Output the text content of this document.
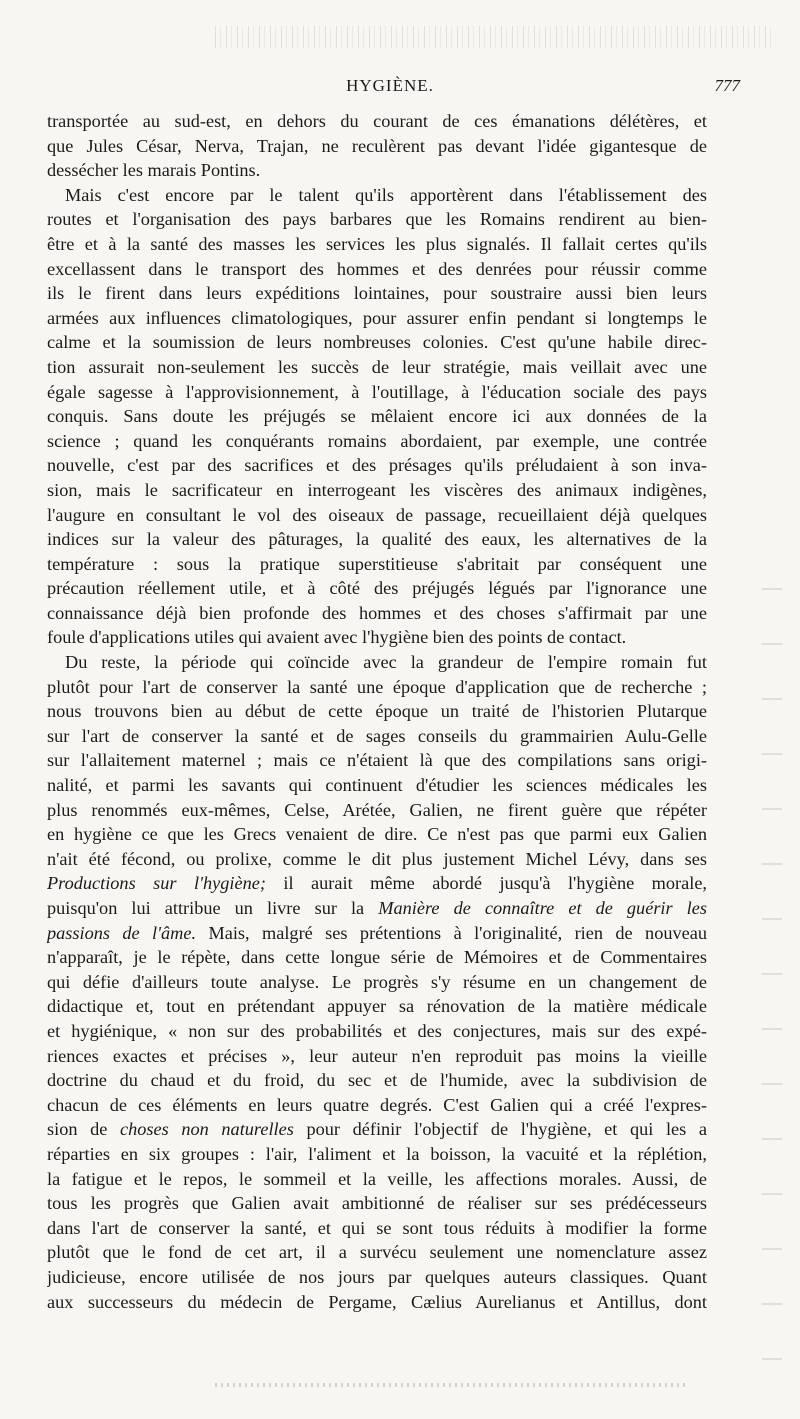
HYGIÈNE.	777
transportée au sud-est, en dehors du courant de ces émanations délétères, et
que Jules César, Nerva, Trajan, ne reculèrent pas devant l'idée gigantesque de
dessécher les marais Pontins.
Mais c'est encore par le talent qu'ils apportèrent dans l'établissement des
routes et l'organisation des pays barbares que les Romains rendirent au bien-
être et à la santé des masses les services les plus signalés. Il fallait certes qu'ils
excellassent dans le transport des hommes et des denrées pour réussir comme
ils le firent dans leurs expéditions lointaines, pour soustraire aussi bien leurs
armées aux influences climatologiques, pour assurer enfin pendant si longtemps le
calme et la soumission de leurs nombreuses colonies. C'est qu'une habile direc-
tion assurait non-seulement les succès de leur stratégie, mais veillait avec une
égale sagesse à l'approvisionnement, à l'outillage, à l'éducation sociale des pays
conquis. Sans doute les préjugés se mêlaient encore ici aux données de la
science ; quand les conquérants romains abordaient, par exemple, une contrée
nouvelle, c'est par des sacrifices et des présages qu'ils préludaient à son inva-
sion, mais le sacrificateur en interrogeant les viscères des animaux indigènes,
l'augure en consultant le vol des oiseaux de passage, recueillaient déjà quelques
indices sur la valeur des pâturages, la qualité des eaux, les alternatives de la
température : sous la pratique superstitieuse s'abritait par conséquent une
précaution réellement utile, et à côté des préjugés légués par l'ignorance une
connaissance déjà bien profonde des hommes et des choses s'affirmait par une
foule d'applications utiles qui avaient avec l'hygiène bien des points de contact.
Du reste, la période qui coïncide avec la grandeur de l'empire romain fut
plutôt pour l'art de conserver la santé une époque d'application que de recherche ;
nous trouvons bien au début de cette époque un traité de l'historien Plutarque
sur l'art de conserver la santé et de sages conseils du grammairien Aulu-Gelle
sur l'allaitement maternel ; mais ce n'étaient là que des compilations sans origi-
nalité, et parmi les savants qui continuent d'étudier les sciences médicales les
plus renommés eux-mêmes, Celse, Arétée, Galien, ne firent guère que répéter
en hygiène ce que les Grecs venaient de dire. Ce n'est pas que parmi eux Galien
n'ait été fécond, ou prolixe, comme le dit plus justement Michel Lévy, dans ses
Productions sur l'hygiène; il aurait même abordé jusqu'à l'hygiène morale,
puisqu'on lui attribue un livre sur la Manière de connaître et de guérir les
passions de l'âme. Mais, malgré ses prétentions à l'originalité, rien de nouveau
n'apparaît, je le répète, dans cette longue série de Mémoires et de Commentaires
qui défie d'ailleurs toute analyse. Le progrès s'y résume en un changement de
didactique et, tout en prétendant appuyer sa rénovation de la matière médicale
et hygiénique, « non sur des probabilités et des conjectures, mais sur des expé-
riences exactes et précises », leur auteur n'en reproduit pas moins la vieille
doctrine du chaud et du froid, du sec et de l'humide, avec la subdivision de
chacun de ces éléments en leurs quatre degrés. C'est Galien qui a créé l'expres-
sion de choses non naturelles pour définir l'objectif de l'hygiène, et qui les a
réparties en six groupes : l'air, l'aliment et la boisson, la vacuité et la réplétion,
la fatigue et le repos, le sommeil et la veille, les affections morales. Aussi, de
tous les progrès que Galien avait ambitionné de réaliser sur ses prédécesseurs
dans l'art de conserver la santé, et qui se sont tous réduits à modifier la forme
plutôt que le fond de cet art, il a survécu seulement une nomenclature assez
judicieuse, encore utilisée de nos jours par quelques auteurs classiques. Quant
aux successeurs du médecin de Pergame, Cælius Aurelianus et Antillus, dont
